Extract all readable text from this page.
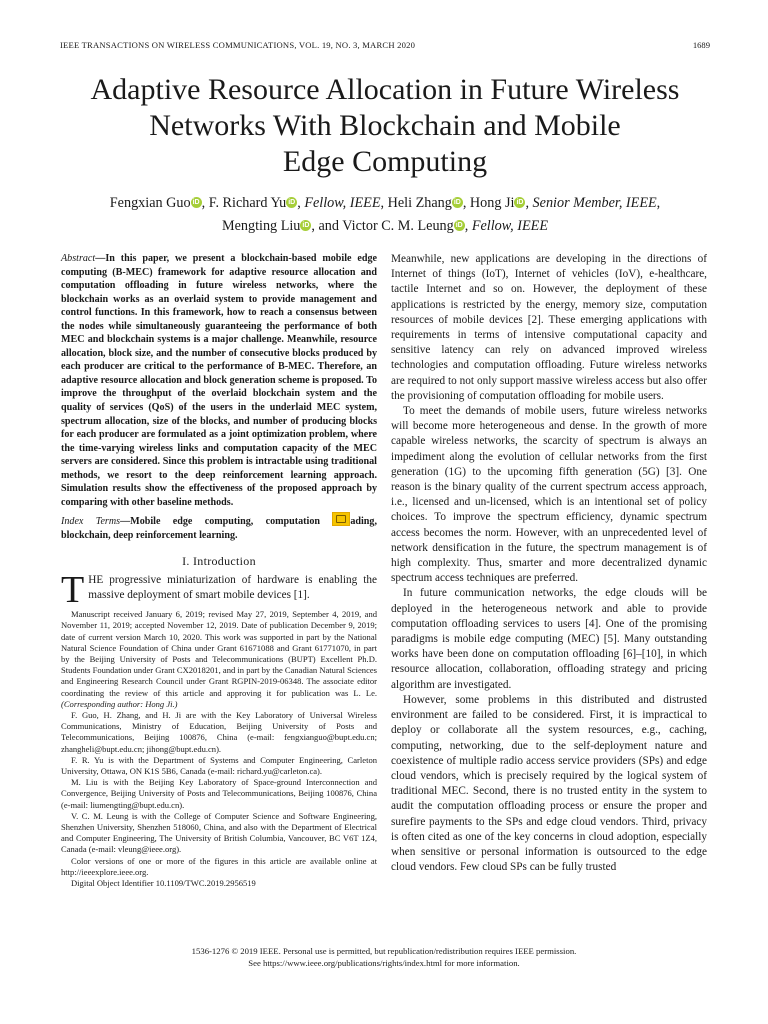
IEEE TRANSACTIONS ON WIRELESS COMMUNICATIONS, VOL. 19, NO. 3, MARCH 2020	1689
Adaptive Resource Allocation in Future Wireless
Networks With Blockchain and Mobile
Edge Computing
Fengxian Guo iD , F. Richard Yu iD , Fellow, IEEE, Heli Zhang iD , Hong Ji iD , Senior Member, IEEE,
Mengting Liu iD , and Victor C. M. Leung iD , Fellow, IEEE

Abstract—In this paper, we present a blockchain-based mobile edge computing (B-MEC) framework for adaptive resource allocation and computation offloading in future wireless networks, where the blockchain works as an overlaid system to provide management and control functions. In this framework, how to reach a consensus between the nodes while simultaneously guaranteeing the performance of both MEC and blockchain systems is a major challenge. Meanwhile, resource allocation, block size, and the number of consecutive blocks produced by each producer are critical to the performance of B-MEC. Therefore, an adaptive resource allocation and block generation scheme is proposed. To improve the throughput of the overlaid blockchain system and the quality of services (QoS) of the users in the underlaid MEC system, spectrum allocation, size of the blocks, and number of producing blocks for each producer are formulated as a joint optimization problem, where the time-varying wireless links and computation capacity of the MEC servers are considered. Since this problem is intractable using traditional methods, we resort to the deep reinforcement learning approach. Simulation results show the effectiveness of the proposed approach by comparing with other baseline methods.

Index Terms—Mobile edge computing, computation ading, blockchain, deep reinforcement learning.

I. Introduction

THE progressive miniaturization of hardware is enabling the massive deployment of smart mobile devices [1].

Manuscript received January 6, 2019; revised May 27, 2019, September 4, 2019, and November 11, 2019; accepted November 12, 2019. Date of publication December 9, 2019; date of current version March 10, 2020. This work was supported in part by the National Natural Science Foundation of China under Grant 61671088 and Grant 61771070, in part by the Beijing University of Posts and Telecommunications (BUPT) Excellent Ph.D. Students Foundation under Grant CX2018201, and in part by the Canadian Natural Sciences and Engineering Research Council under Grant RGPIN-2019-06348. The associate editor coordinating the review of this article and approving it for publication was L. Le. (Corresponding author: Hong Ji.)

F. Guo, H. Zhang, and H. Ji are with the Key Laboratory of Universal Wireless Communications, Ministry of Education, Beijing University of Posts and Telecommunications, Beijing 100876, China (e-mail: fengxianguo@bupt.edu.cn; zhangheli@bupt.edu.cn; jihong@bupt.edu.cn).

F. R. Yu is with the Department of Systems and Computer Engineering, Carleton University, Ottawa, ON K1S 5B6, Canada (e-mail: richard.yu@carleton.ca).

M. Liu is with the Beijing Key Laboratory of Space-ground Interconnection and Convergence, Beijing University of Posts and Telecommunications, Beijing 100876, China (e-mail: liumengting@bupt.edu.cn).

V. C. M. Leung is with the College of Computer Science and Software Engineering, Shenzhen University, Shenzhen 518060, China, and also with the Department of Electrical and Computer Engineering, The University of British Columbia, Vancouver, BC V6T 1Z4, Canada (e-mail: vleung@ieee.org).

Color versions of one or more of the figures in this article are available online at http://ieeexplore.ieee.org.

Digital Object Identifier 10.1109/TWC.2019.2956519

Meanwhile, new applications are developing in the directions of Internet of things (IoT), Internet of vehicles (IoV), e-healthcare, tactile Internet and so on. However, the deployment of these applications is restricted by the energy, memory size, computation resources of mobile devices [2]. These emerging applications with requirements in terms of intensive computational capacity and sensitive latency can rely on advanced improved wireless technologies and computation offloading. Future wireless networks are required to not only support massive wireless access but also offer the provisioning of computation offloading for mobile users.

To meet the demands of mobile users, future wireless networks will become more heterogeneous and dense. In the growth of more capable wireless networks, the scarcity of spectrum is always an impediment along the evolution of cellular networks from the first generation (1G) to the upcoming fifth generation (5G) [3]. One reason is the binary quality of the current spectrum access approach, i.e., licensed and un-licensed, which is an intentional set of policy choices. To improve the spectrum efficiency, dynamic spectrum access becomes the norm. However, with an unprecedented level of network densification in the future, the spectrum management is of high complexity. Thus, smarter and more decentralized dynamic spectrum access techniques are preferred.

In future communication networks, the edge clouds will be deployed in the heterogeneous network and able to provide computation offloading services to users [4]. One of the promising paradigms is mobile edge computing (MEC) [5]. Many outstanding works have been done on computation offloading [6]–[10], in which resource allocation, collaboration, offloading strategy and pricing algorithm are investigated.

However, some problems in this distributed and distrusted environment are failed to be considered. First, it is impractical to deploy or collaborate all the system resources, e.g., caching, computing, networking, due to the self-deployment nature and coexistence of multiple radio access service providers (SPs) and edge cloud vendors, which is precisely required by the logical system of traditional MEC. Second, there is no trusted entity in the system to audit the computation offloading process or ensure the proper and surefire payments to the SPs and edge cloud vendors. Third, privacy is often cited as one of the key concerns in cloud adoption, especially when sensitive or personal information is outsourced to the edge cloud vendors. Few cloud SPs can be fully trusted

1536-1276 © 2019 IEEE. Personal use is permitted, but republication/redistribution requires IEEE permission.
See https://www.ieee.org/publications/rights/index.html for more information.
